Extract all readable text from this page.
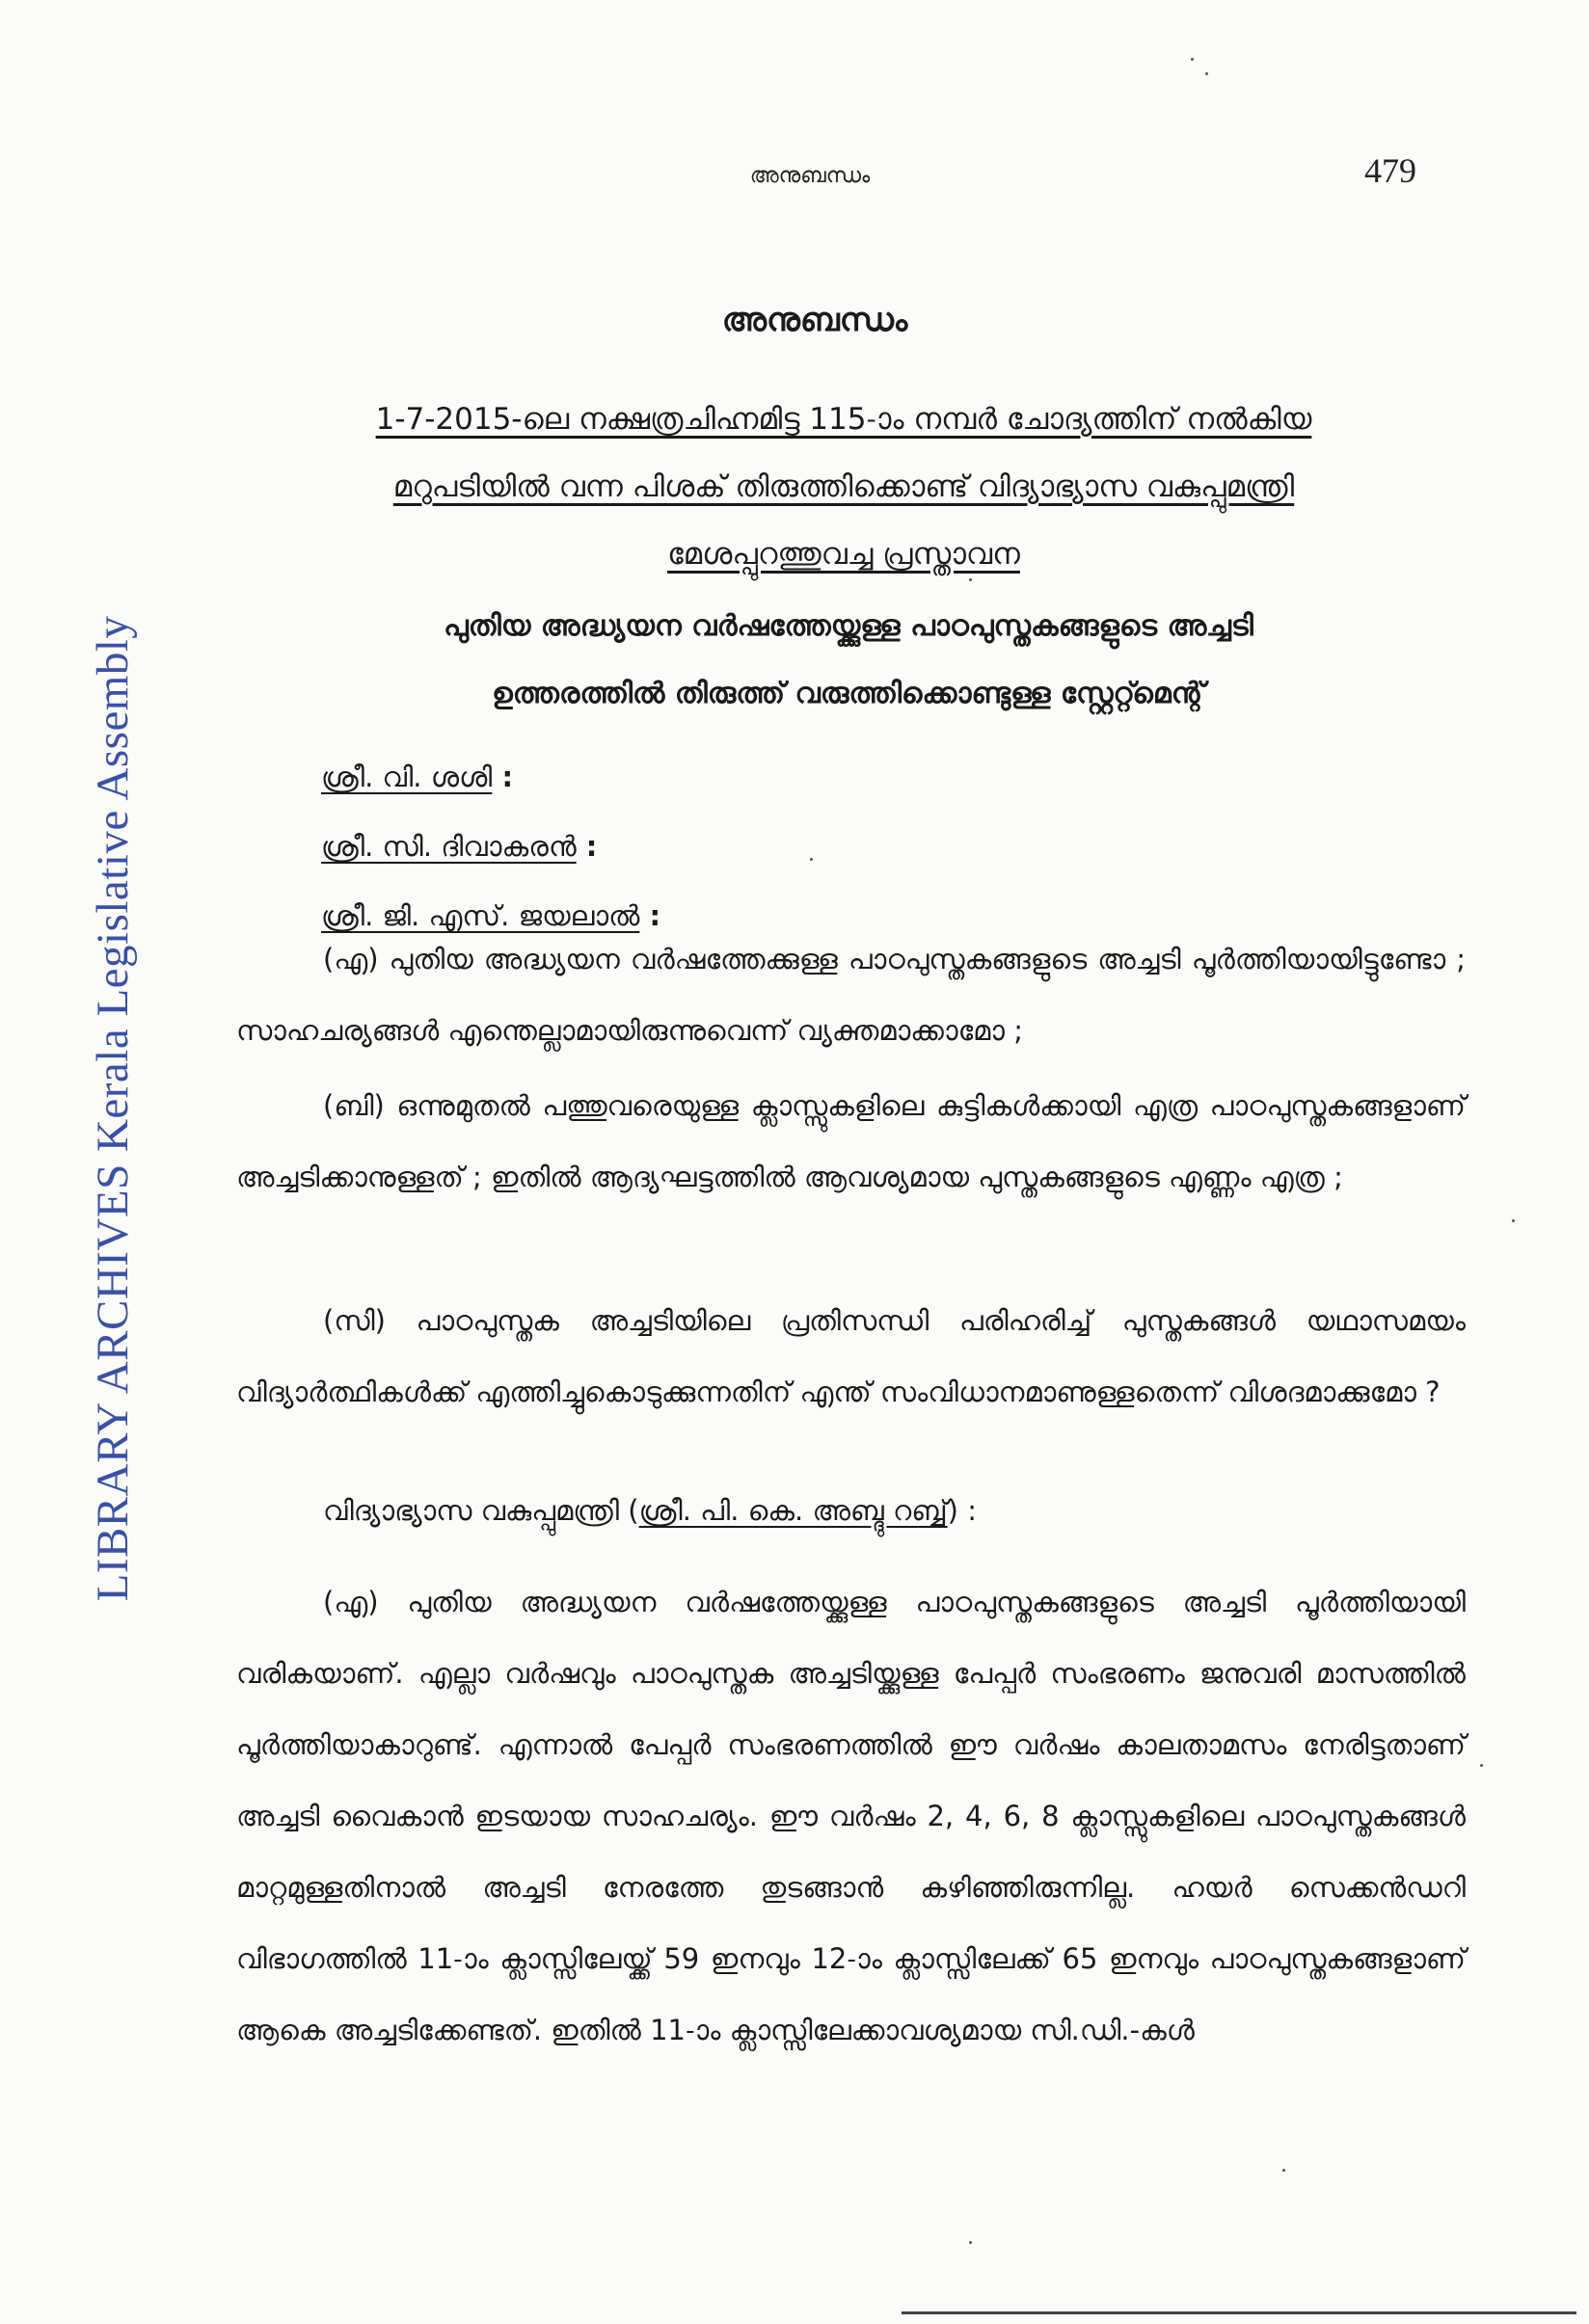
LIBRARY ARCHIVES Kerala Legislative Assembly
അനുബന്ധം	479
അനുബന്ധം
1-7-2015-ലെ നക്ഷത്രചിഹ്നമിട്ട 115-ാം നമ്പർ ചോദ്യത്തിന് നൽകിയ
മറുപടിയിൽ വന്ന പിശക് തിരുത്തിക്കൊണ്ട് വിദ്യാഭ്യാസ വകുപ്പുമന്ത്രി
മേശപ്പുറത്തുവച്ച പ്രസ്താവന
പുതിയ അദ്ധ്യയന വർഷത്തേയ്ക്കുള്ള പാഠപുസ്തകങ്ങളുടെ അച്ചടി
ഉത്തരത്തിൽ തിരുത്ത് വരുത്തിക്കൊണ്ടുള്ള സ്റ്റേറ്റ്മെന്റ്
ശ്രീ. വി. ശശി :
ശ്രീ. സി. ദിവാകരൻ :
ശ്രീ. ജി. എസ്. ജയലാൽ :
(എ) പുതിയ അദ്ധ്യയന വർഷത്തേക്കുള്ള പാഠപുസ്തകങ്ങളുടെ അച്ചടി പൂർത്തിയായിട്ടുണ്ടോ ; സാഹചര്യങ്ങൾ എന്തെല്ലാമായിരുന്നുവെന്ന് വ്യക്തമാക്കാമോ ;
(ബി) ഒന്നുമുതൽ പത്തുവരെയുള്ള ക്ലാസ്സുകളിലെ കുട്ടികൾക്കായി എത്ര പാഠപുസ്തകങ്ങളാണ് അച്ചടിക്കാനുള്ളത് ; ഇതിൽ ആദ്യഘട്ടത്തിൽ ആവശ്യമായ പുസ്തകങ്ങളുടെ എണ്ണം എത്ര ;
(സി) പാഠപുസ്തക അച്ചടിയിലെ പ്രതിസന്ധി പരിഹരിച്ച് പുസ്തകങ്ങൾ യഥാസമയം വിദ്യാർത്ഥികൾക്ക് എത്തിച്ചുകൊടുക്കുന്നതിന് എന്ത് സംവിധാനമാണുള്ളതെന്ന് വിശദമാക്കുമോ ?
വിദ്യാഭ്യാസ വകുപ്പുമന്ത്രി (ശ്രീ. പി. കെ. അബ്ദു റബ്ബ്) :
(എ) പുതിയ അദ്ധ്യയന വർഷത്തേയ്ക്കുള്ള പാഠപുസ്തകങ്ങളുടെ അച്ചടി പൂർത്തിയായി വരികയാണ്. എല്ലാ വർഷവും പാഠപുസ്തക അച്ചടിയ്ക്കുള്ള പേപ്പർ സംഭരണം ജനുവരി മാസത്തിൽ പൂർത്തിയാകാറുണ്ട്. എന്നാൽ പേപ്പർ സംഭരണത്തിൽ ഈ വർഷം കാലതാമസം നേരിട്ടതാണ് അച്ചടി വൈകാൻ ഇടയായ സാഹചര്യം. ഈ വർഷം 2, 4, 6, 8 ക്ലാസ്സുകളിലെ പാഠപുസ്തകങ്ങൾ മാറ്റമുള്ളതിനാൽ അച്ചടി നേരത്തേ തുടങ്ങാൻ കഴിഞ്ഞിരുന്നില്ല. ഹയർ സെക്കൻഡറി വിഭാഗത്തിൽ 11-ാം ക്ലാസ്സിലേയ്ക്ക് 59 ഇനവും 12-ാം ക്ലാസ്സിലേക്ക് 65 ഇനവും പാഠപുസ്തകങ്ങളാണ് ആകെ അച്ചടിക്കേണ്ടത്. ഇതിൽ 11-ാം ക്ലാസ്സിലേക്കാവശ്യമായ സി.ഡി.-കൾ
